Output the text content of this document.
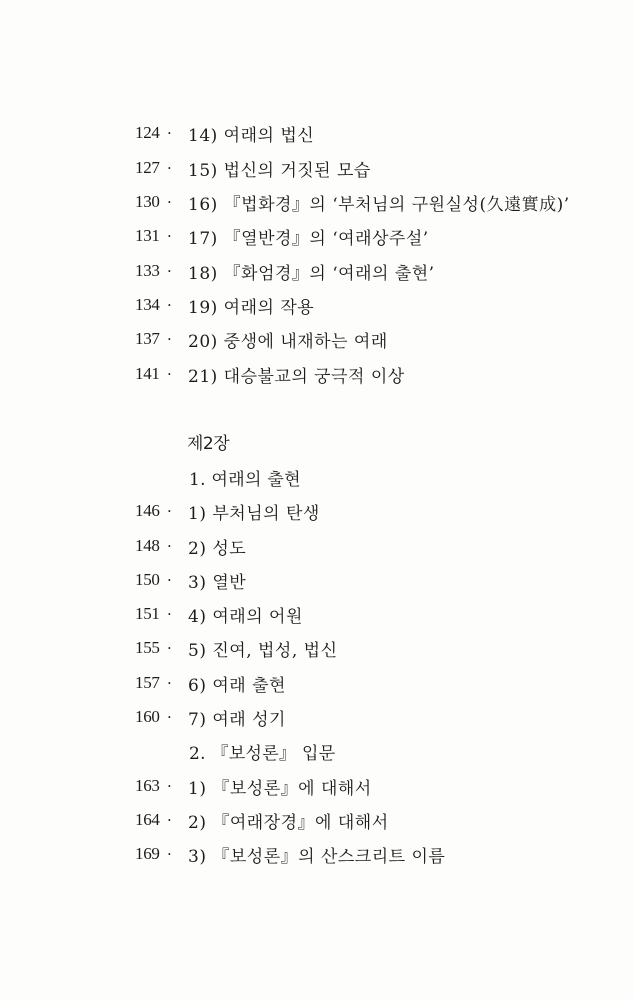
124 · 14) 여래의 법신
127 · 15) 법신의 거짓된 모습
130 · 16) 『법화경』의 ‘부처님의 구원실성(久遠實成)’
131 · 17) 『열반경』의 ‘여래상주설’
133 · 18) 『화엄경』의 ‘여래의 출현’
134 · 19) 여래의 작용
137 · 20) 중생에 내재하는 여래
141 · 21) 대승불교의 궁극적 이상
제2장
1. 여래의 출현
146 · 1) 부처님의 탄생
148 · 2) 성도
150 · 3) 열반
151 · 4) 여래의 어원
155 · 5) 진여, 법성, 법신
157 · 6) 여래 출현
160 · 7) 여래 성기
2. 『보성론』 입문
163 · 1) 『보성론』에 대해서
164 · 2) 『여래장경』에 대해서
169 · 3) 『보성론』의 산스크리트 이름
